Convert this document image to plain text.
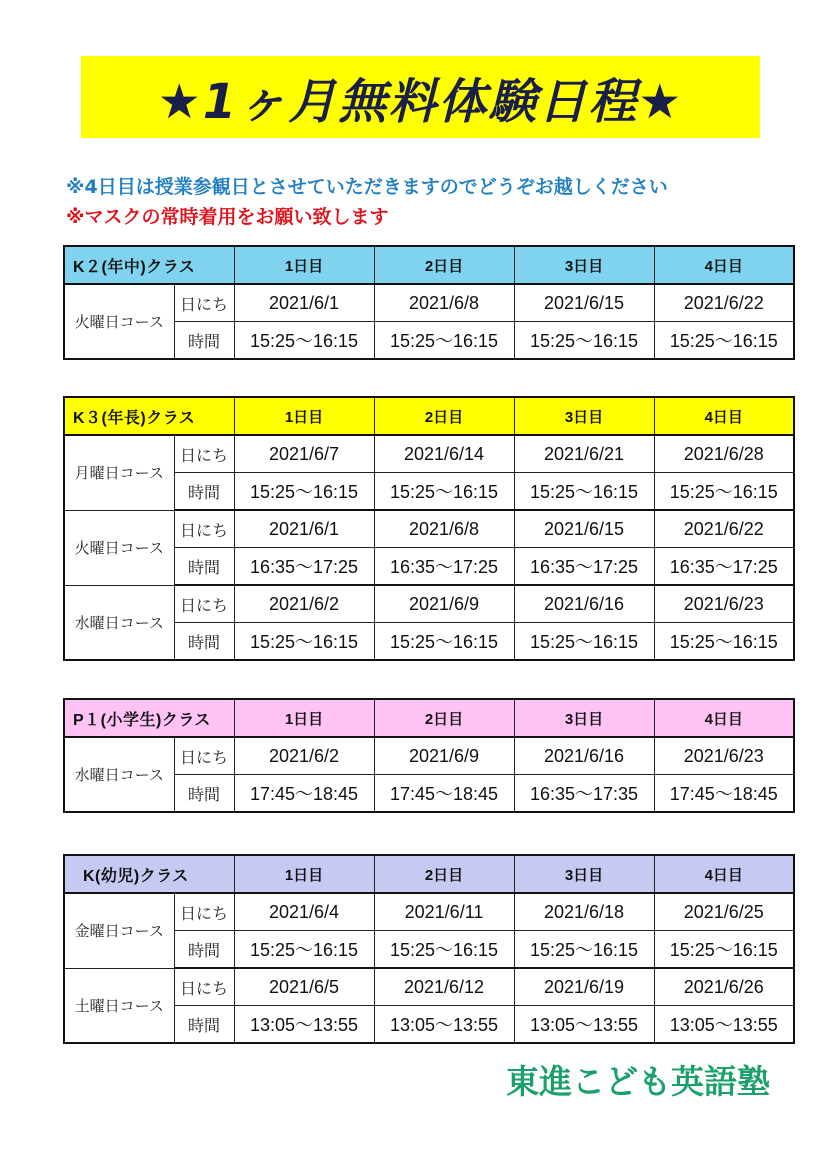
★1ヶ月無料体験日程★
※4日目は授業参観日とさせていただきますのでどうぞお越しください
※マスクの常時着用をお願い致します
K２(年中)クラス		1日目	2日目	3日目	4日目
火曜日コース	日にち	2021/6/1	2021/6/8	2021/6/15	2021/6/22
	時間	15:25～16:15	15:25～16:15	15:25～16:15	15:25～16:15
K３(年長)クラス		1日目	2日目	3日目	4日目
月曜日コース	日にち	2021/6/7	2021/6/14	2021/6/21	2021/6/28
	時間	15:25～16:15	15:25～16:15	15:25～16:15	15:25～16:15
火曜日コース	日にち	2021/6/1	2021/6/8	2021/6/15	2021/6/22
	時間	16:35～17:25	16:35～17:25	16:35～17:25	16:35～17:25
水曜日コース	日にち	2021/6/2	2021/6/9	2021/6/16	2021/6/23
	時間	15:25～16:15	15:25～16:15	15:25～16:15	15:25～16:15
P１(小学生)クラス		1日目	2日目	3日目	4日目
水曜日コース	日にち	2021/6/2	2021/6/9	2021/6/16	2021/6/23
	時間	17:45～18:45	17:45～18:45	16:35～17:35	17:45～18:45
K(幼児)クラス		1日目	2日目	3日目	4日目
金曜日コース	日にち	2021/6/4	2021/6/11	2021/6/18	2021/6/25
	時間	15:25～16:15	15:25～16:15	15:25～16:15	15:25～16:15
土曜日コース	日にち	2021/6/5	2021/6/12	2021/6/19	2021/6/26
	時間	13:05～13:55	13:05～13:55	13:05～13:55	13:05～13:55
東進こども英語塾
